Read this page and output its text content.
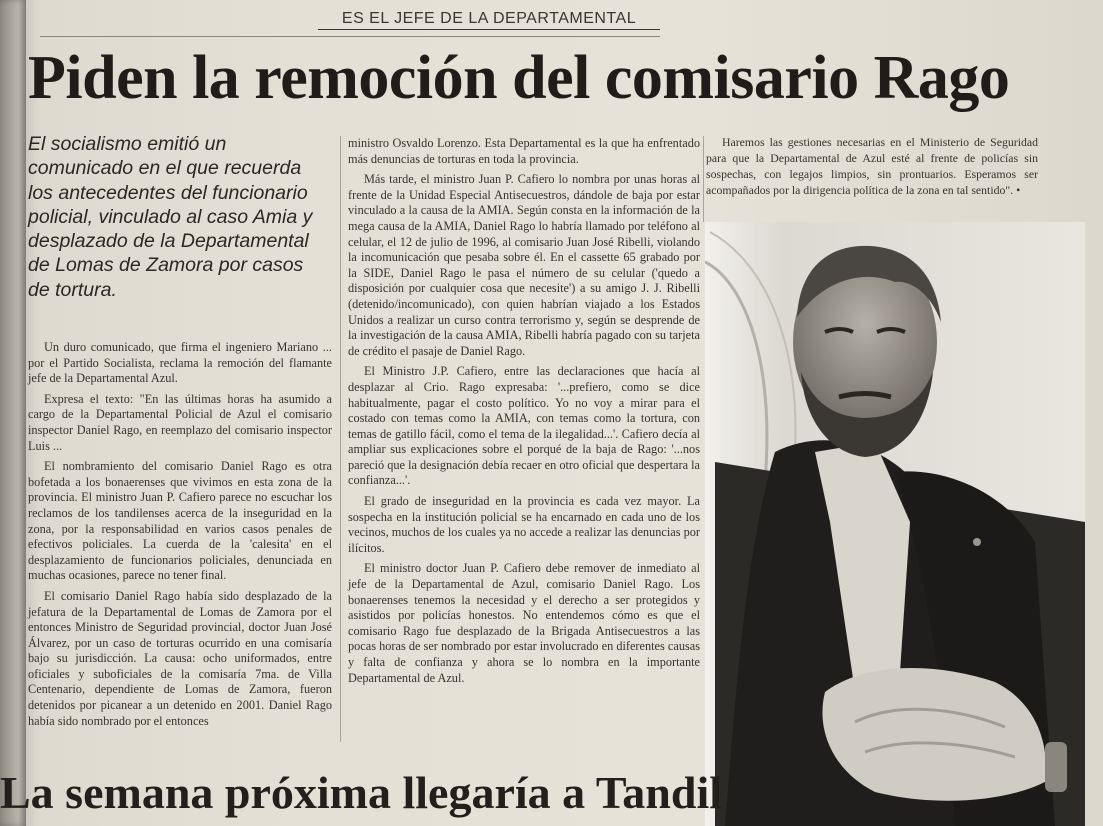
ES EL JEFE DE LA DEPARTAMENTAL
Piden la remoción del comisario Rago
El socialismo emitió un comunicado en el que recuerda los antecedentes del funcionario policial, vinculado al caso Amia y desplazado de la Departamental de Lomas de Zamora por casos de tortura.

Un duro comunicado, que firma el ingeniero Mariano ... por el Partido Socialista, reclama la remoción del flamante jefe de la Departamental Azul.

Expresa el texto: "En las últimas horas ha asumido a cargo de la Departamental Policial de Azul el comisario inspector Daniel Rago, en reemplazo del comisario inspector Luis ...

El nombramiento del comisario Daniel Rago es otra bofetada a los bonaerenses que vivimos en esta zona de la provincia. El ministro Juan P. Cafiero parece no escuchar los reclamos de los tandilenses acerca de la inseguridad en la zona, por la responsabilidad en varios casos penales de efectivos policiales. La cuerda de la 'calesita' en el desplazamiento de funcionarios policiales, denunciada en muchas ocasiones, parece no tener final.

El comisario Daniel Rago había sido desplazado de la jefatura de la Departamental de Lomas de Zamora por el entonces Ministro de Seguridad provincial, doctor Juan José Álvarez, por un caso de torturas ocurrido en una comisaría bajo su jurisdicción. La causa: ocho uniformados, entre oficiales y suboficiales de la comisaría 7ma. de Villa Centenario, dependiente de Lomas de Zamora, fueron detenidos por picanear a un detenido en 2001. Daniel Rago había sido nombrado por el entonces

ministro Osvaldo Lorenzo. Esta Departamental es la que ha enfrentado más denuncias de torturas en toda la provincia.

Más tarde, el ministro Juan P. Cafiero lo nombra por unas horas al frente de la Unidad Especial Antisecuestros, dándole de baja por estar vinculado a la causa de la AMIA. Según consta en la información de la mega causa de la AMIA, Daniel Rago lo habría llamado por teléfono al celular, el 12 de julio de 1996, al comisario Juan José Ribelli, violando la incomunicación que pesaba sobre él. En el cassette 65 grabado por la SIDE, Daniel Rago le pasa el número de su celular ('quedo a disposición por cualquier cosa que necesite') a su amigo J. J. Ribelli (detenido/incomunicado), con quien habrían viajado a los Estados Unidos a realizar un curso contra terrorismo y, según se desprende de la investigación de la causa AMIA, Ribelli habría pagado con su tarjeta de crédito el pasaje de Daniel Rago.

El Ministro J.P. Cafiero, entre las declaraciones que hacía al desplazar al Crio. Rago expresaba: '...prefiero, como se dice habitualmente, pagar el costo político. Yo no voy a mirar para el costado con temas como la AMIA, con temas como la tortura, con temas de gatillo fácil, como el tema de la ilegalidad...'. Cafiero decía al ampliar sus explicaciones sobre el porqué de la baja de Rago: '...nos pareció que la designación debía recaer en otro oficial que despertara la confianza...'.

El grado de inseguridad en la provincia es cada vez mayor. La sospecha en la institución policial se ha encarnado en cada uno de los vecinos, muchos de los cuales ya no accede a realizar las denuncias por ilícitos.

El ministro doctor Juan P. Cafiero debe remover de inmediato al jefe de la Departamental de Azul, comisario Daniel Rago. Los bonaerenses tenemos la necesidad y el derecho a ser protegidos y asistidos por policías honestos. No entendemos cómo es que el comisario Rago fue desplazado de la Brigada Antisecuestros a las pocas horas de ser nombrado por estar involucrado en diferentes causas y falta de confianza y ahora se lo nombra en la importante Departamental de Azul.

Haremos las gestiones necesarias en el Ministerio de Seguridad para que la Departamental de Azul esté al frente de policías sin sospechas, con legajos limpios, sin prontuarios. Esperamos ser acompañados por la dirigencia política de la zona en tal sentido". •

La semana próxima llegaría a Tandil
